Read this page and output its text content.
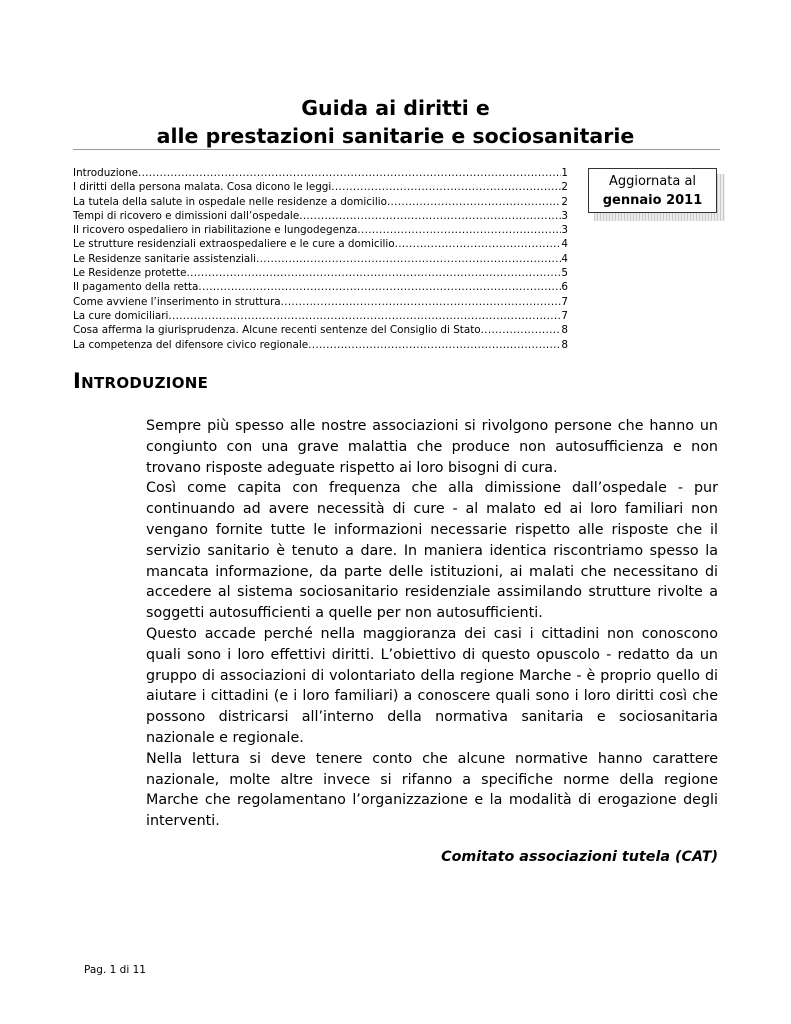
Guida ai diritti e
alle prestazioni sanitarie e sociosanitarie
Introduzione .....	1
I diritti della persona malata. Cosa dicono le leggi .....	2
La tutela della salute in ospedale nelle residenze a domicilio .....	2
Tempi di ricovero e dimissioni dall’ospedale .....	3
Il ricovero ospedaliero in riabilitazione e lungodegenza .....	3
Le strutture residenziali extraospedaliere e le cure a domicilio .....	4
Le Residenze sanitarie assistenziali .....	4
Le Residenze protette .....	5
Il pagamento della retta .....	6
Come avviene l’inserimento in struttura .....	7
La cure domiciliari .....	7
Cosa afferma la giurisprudenza. Alcune recenti sentenze del Consiglio di Stato .....	8
La competenza del difensore civico regionale .....	8
Aggiornata al
gennaio 2011
Introduzione

Sempre più spesso alle nostre associazioni si rivolgono persone che hanno un congiunto con una grave malattia che produce non autosufficienza e non trovano risposte adeguate rispetto ai loro bisogni di cura.

Così come capita con frequenza che alla dimissione dall’ospedale - pur continuando ad avere necessità di cure - al malato ed ai loro familiari non vengano fornite tutte le informazioni necessarie rispetto alle risposte che il servizio sanitario è tenuto a dare. In maniera identica riscontriamo spesso la mancata informazione, da parte delle istituzioni, ai malati che necessitano di accedere al sistema sociosanitario residenziale assimilando strutture rivolte a soggetti autosufficienti a quelle per non autosufficienti.

Questo accade perché nella maggioranza dei casi i cittadini non conoscono quali sono i loro effettivi diritti. L’obiettivo di questo opuscolo - redatto da un gruppo di associazioni di volontariato della regione Marche - è proprio quello di aiutare i cittadini (e i loro familiari) a conoscere quali sono i loro diritti così che possono districarsi all’interno della normativa sanitaria e sociosanitaria nazionale e regionale.

Nella lettura si deve tenere conto che alcune normative hanno carattere nazionale, molte altre invece si rifanno a specifiche norme della regione Marche che regolamentano l’organizzazione e la modalità di erogazione degli interventi.

Comitato associazioni tutela (CAT)
Pag. 1 di 11
